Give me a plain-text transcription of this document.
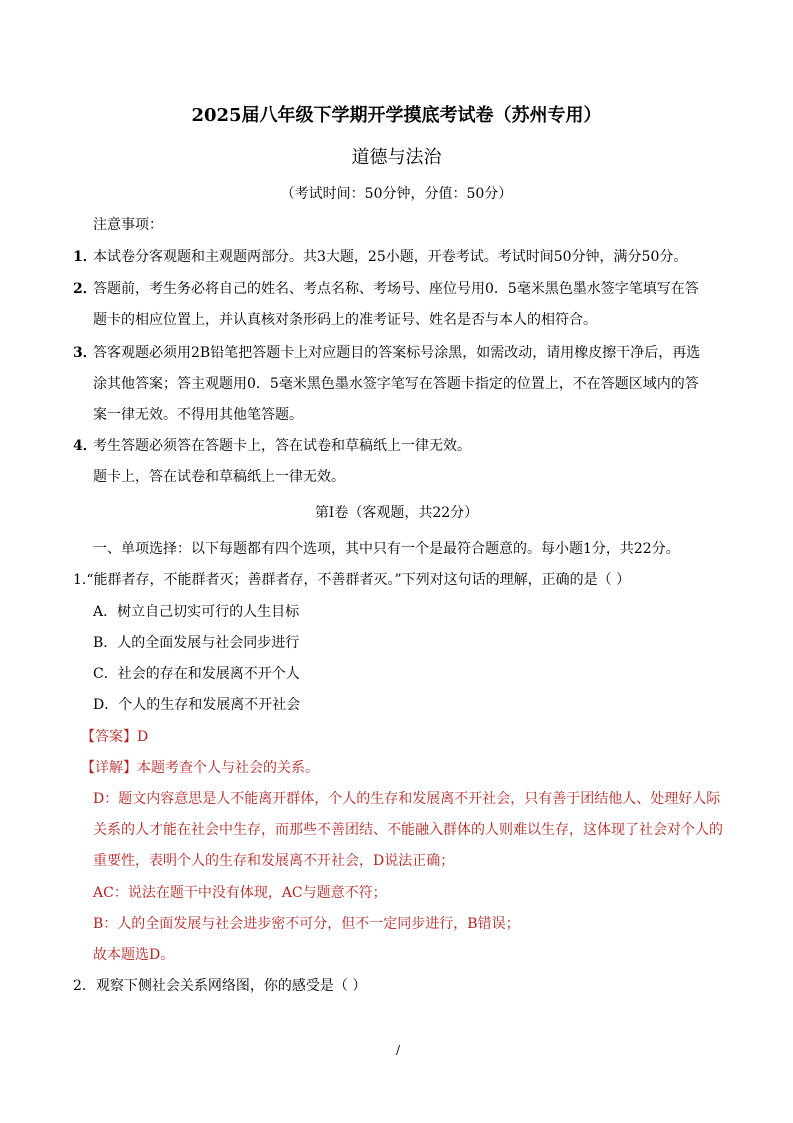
2025届八年级下学期开学摸底考试卷（苏州专用）
道德与法治
（考试时间：50分钟，分值：50分）
注意事项：
1．
本试卷分客观题和主观题两部分。共3大题，25小题，开卷考试。考试时间50分钟，满分50分。
2．
答题前，考生务必将自己的姓名、考点名称、考场号、座位号用0．5毫米黑色墨水签字笔填写在答
题卡的相应位置上，并认真核对条形码上的准考证号、姓名是否与本人的相符合。
3．
答客观题必须用2B铅笔把答题卡上对应题目的答案标号涂黑，如需改动，请用橡皮擦干净后，再选
涂其他答案；答主观题用0．5毫米黑色墨水签字笔写在答题卡指定的位置上，不在答题区域内的答
案一律无效。不得用其他笔答题。
4．
考生答题必须答在答题卡上，答在试卷和草稿纸上一律无效。
题卡上，答在试卷和草稿纸上一律无效。
第I卷（客观题，共22分）
一、单项选择：以下每题都有四个选项，其中只有一个是最符合题意的。每小题1分，共22分。
1.“能群者存，不能群者灭；善群者存，不善群者灭。”下列对这句话的理解，正确的是（ ）
A．树立自己切实可行的人生目标
B．人的全面发展与社会同步进行
C．社会的存在和发展离不开个人
D．个人的生存和发展离不开社会
【答案】D
【详解】本题考查个人与社会的关系。
D：题文内容意思是人不能离开群体，个人的生存和发展离不开社会，只有善于团结他人、处理好人际
关系的人才能在社会中生存，而那些不善团结、不能融入群体的人则难以生存，这体现了社会对个人的
重要性，表明个人的生存和发展离不开社会，D说法正确；
AC：说法在题干中没有体现，AC与题意不符；
B：人的全面发展与社会进步密不可分，但不一定同步进行，B错误；
故本题选D。
2．观察下侧社会关系网络图，你的感受是（ ）
/
